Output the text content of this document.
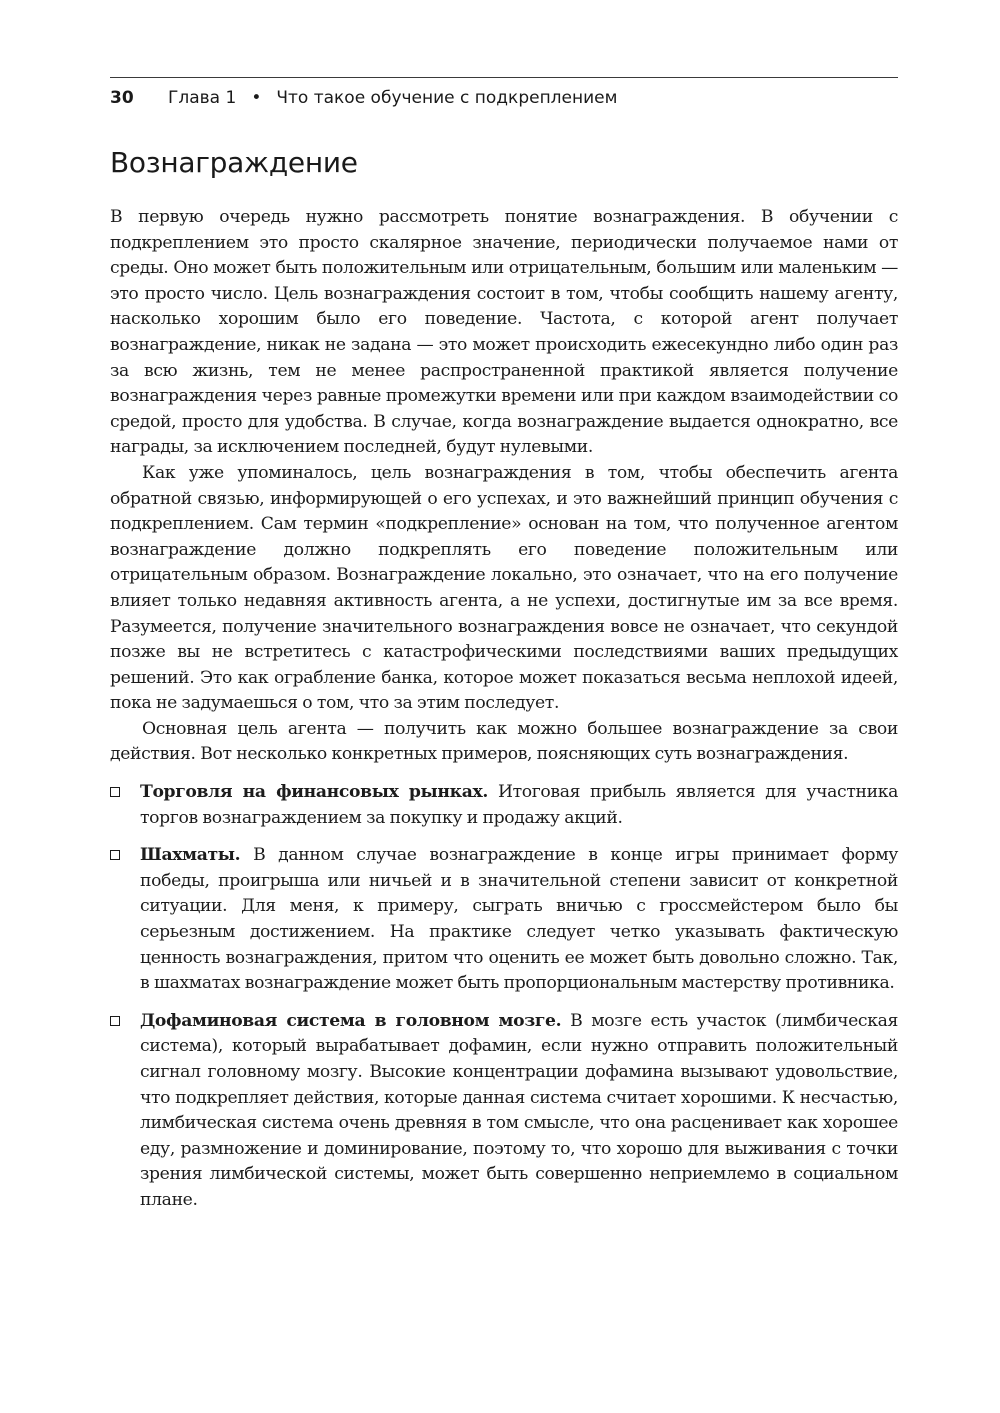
30 Глава 1 • Что такое обучение с подкреплением
Вознаграждение

В первую очередь нужно рассмотреть понятие вознаграждения. В обучении с подкреплением это просто скалярное значение, периодически получаемое нами от среды. Оно может быть положительным или отрицательным, большим или маленьким — это просто число. Цель вознаграждения состоит в том, чтобы сообщить нашему агенту, насколько хорошим было его поведение. Частота, с которой агент получает вознаграждение, никак не задана — это может происходить ежесекундно либо один раз за всю жизнь, тем не менее распространенной практикой является получение вознаграждения через равные промежутки времени или при каждом взаимодействии со средой, просто для удобства. В случае, когда вознаграждение выдается однократно, все награды, за исключением последней, будут нулевыми.

Как уже упоминалось, цель вознаграждения в том, чтобы обеспечить агента обратной связью, информирующей о его успехах, и это важнейший принцип обучения с подкреплением. Сам термин «подкрепление» основан на том, что полученное агентом вознаграждение должно подкреплять его поведение положительным или отрицательным образом. Вознаграждение локально, это означает, что на его получение влияет только недавняя активность агента, а не успехи, достигнутые им за все время. Разумеется, получение значительного вознаграждения вовсе не означает, что секундой позже вы не встретитесь с катастрофическими последствиями ваших предыдущих решений. Это как ограбление банка, которое может показаться весьма неплохой идеей, пока не задумаешься о том, что за этим последует.

Основная цель агента — получить как можно большее вознаграждение за свои действия. Вот несколько конкретных примеров, поясняющих суть вознаграждения.

Торговля на финансовых рынках. Итоговая прибыль является для участника торгов вознаграждением за покупку и продажу акций.
Шахматы. В данном случае вознаграждение в конце игры принимает форму победы, проигрыша или ничьей и в значительной степени зависит от конкретной ситуации. Для меня, к примеру, сыграть вничью с гроссмейстером было бы серьезным достижением. На практике следует четко указывать фактическую ценность вознаграждения, притом что оценить ее может быть довольно сложно. Так, в шахматах вознаграждение может быть пропорциональным мастерству противника.
Дофаминовая система в головном мозге. В мозге есть участок (лимбическая система), который вырабатывает дофамин, если нужно отправить положительный сигнал головному мозгу. Высокие концентрации дофамина вызывают удовольствие, что подкрепляет действия, которые данная система считает хорошими. К несчастью, лимбическая система очень древняя в том смысле, что она расценивает как хорошее еду, размножение и доминирование, поэтому то, что хорошо для выживания с точки зрения лимбической системы, может быть совершенно неприемлемо в социальном плане.
